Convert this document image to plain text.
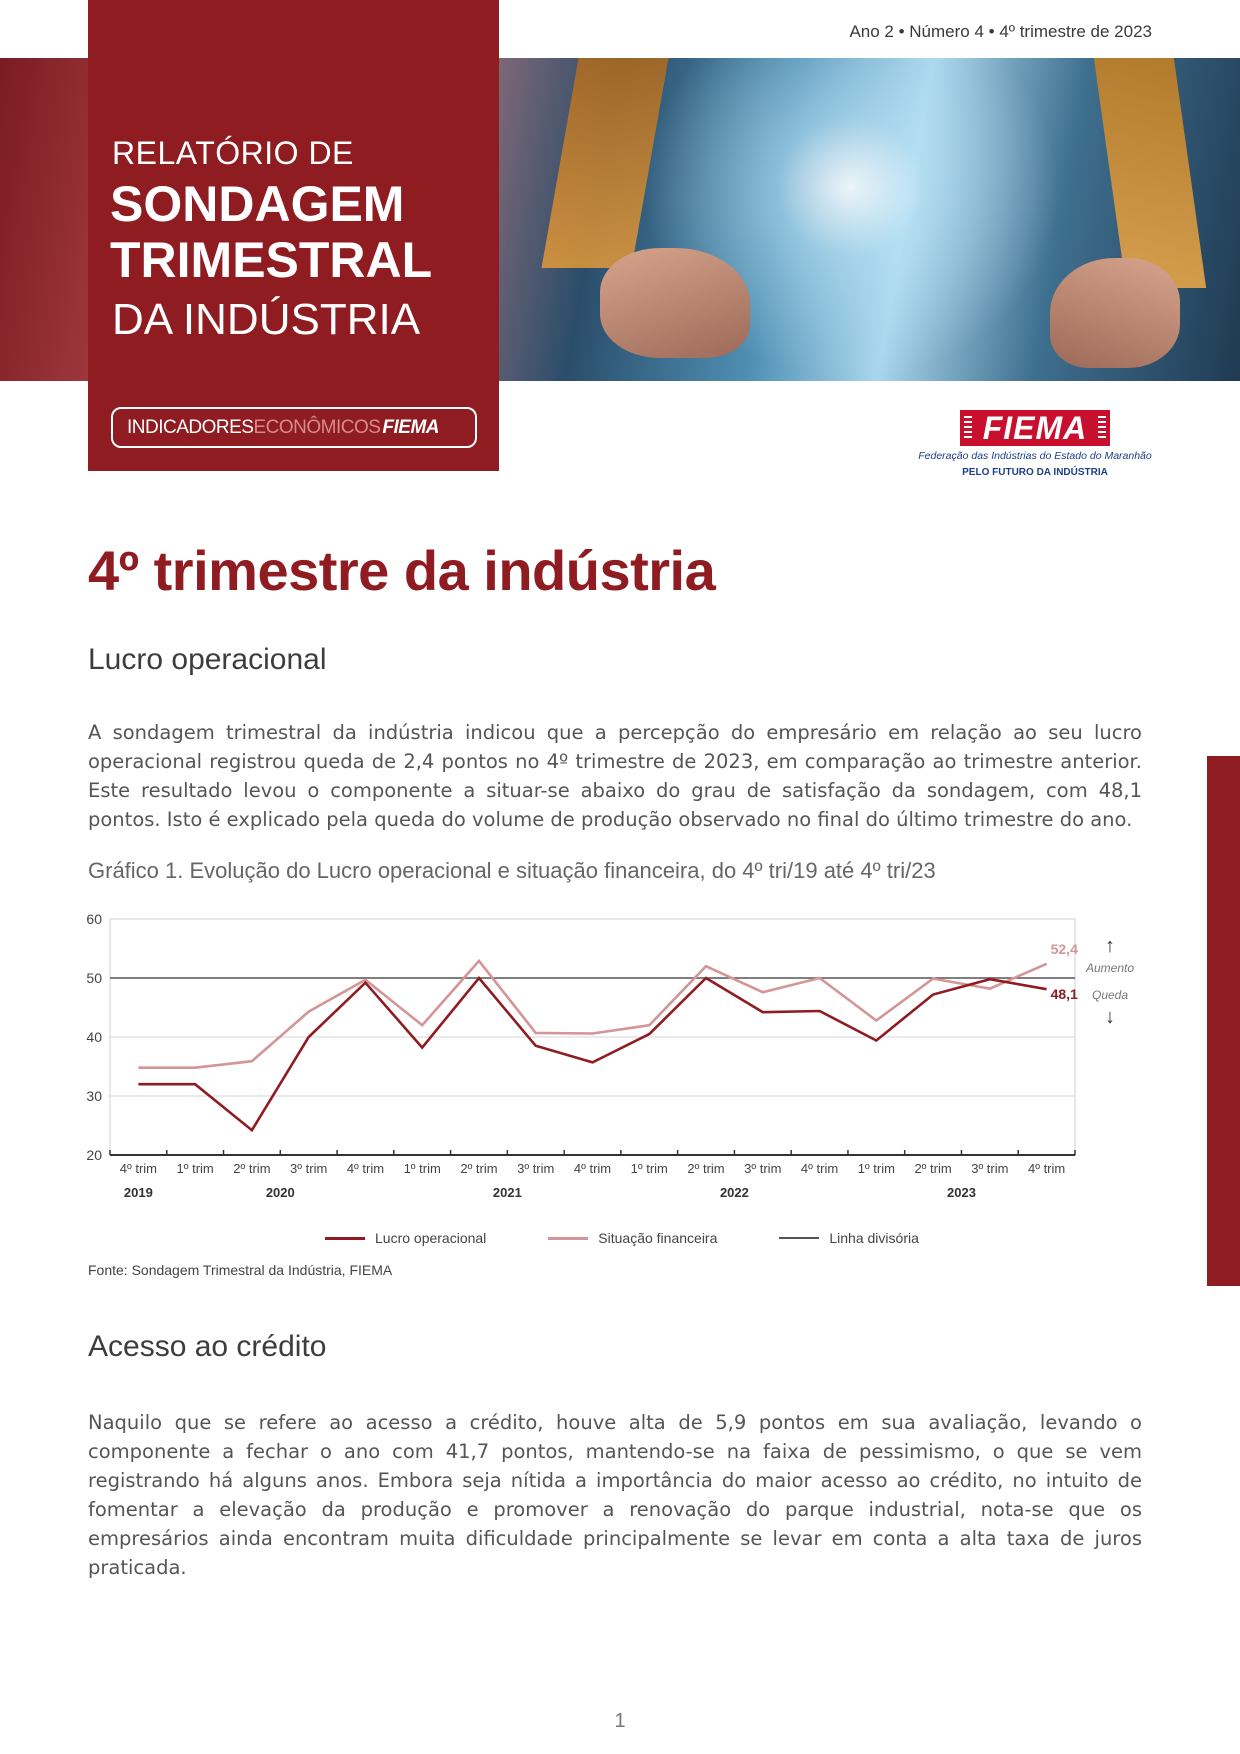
Ano 2 • Número 4 • 4º trimestre de 2023
RELATÓRIO DE
SONDAGEM
TRIMESTRAL
DA INDÚSTRIA
INDICADORES ECONÔMICOS FIEMA	FIEMA
Federação das Indústrias do Estado do Maranhão
PELO FUTURO DA INDÚSTRIA
4º trimestre da indústria
Lucro operacional
A sondagem trimestral da indústria indicou que a percepção do empresário em relação ao seu lucro operacional registrou queda de 2,4 pontos no 4º trimestre de 2023, em comparação ao trimestre anterior. Este resultado levou o componente a situar-se abaixo do grau de satisfação da sondagem, com 48,1 pontos. Isto é explicado pela queda do volume de produção observado no final do último trimestre do ano.
Gráfico 1. Evolução do Lucro operacional e situação financeira, do 4º tri/19 até 4º tri/23
20
30
40
50
60
4º trim 1º trim 2º trim 3º trim 4º trim 1º trim 2º trim 3º trim 4º trim 1º trim 2º trim 3º trim 4º trim 1º trim 2º trim 3º trim 4º trim
2019	2020	2021	2022	2023
52,4
48,1
↑
Aumento
Queda
↓
Lucro operacional	Situação financeira	Linha divisória
Fonte: Sondagem Trimestral da Indústria, FIEMA
Acesso ao crédito
Naquilo que se refere ao acesso a crédito, houve alta de 5,9 pontos em sua avaliação, levando o componente a fechar o ano com 41,7 pontos, mantendo-se na faixa de pessimismo, o que se vem registrando há alguns anos. Embora seja nítida a importância do maior acesso ao crédito, no intuito de fomentar a elevação da produção e promover a renovação do parque industrial, nota-se que os empresários ainda encontram muita dificuldade principalmente se levar em conta a alta taxa de juros praticada.
1
